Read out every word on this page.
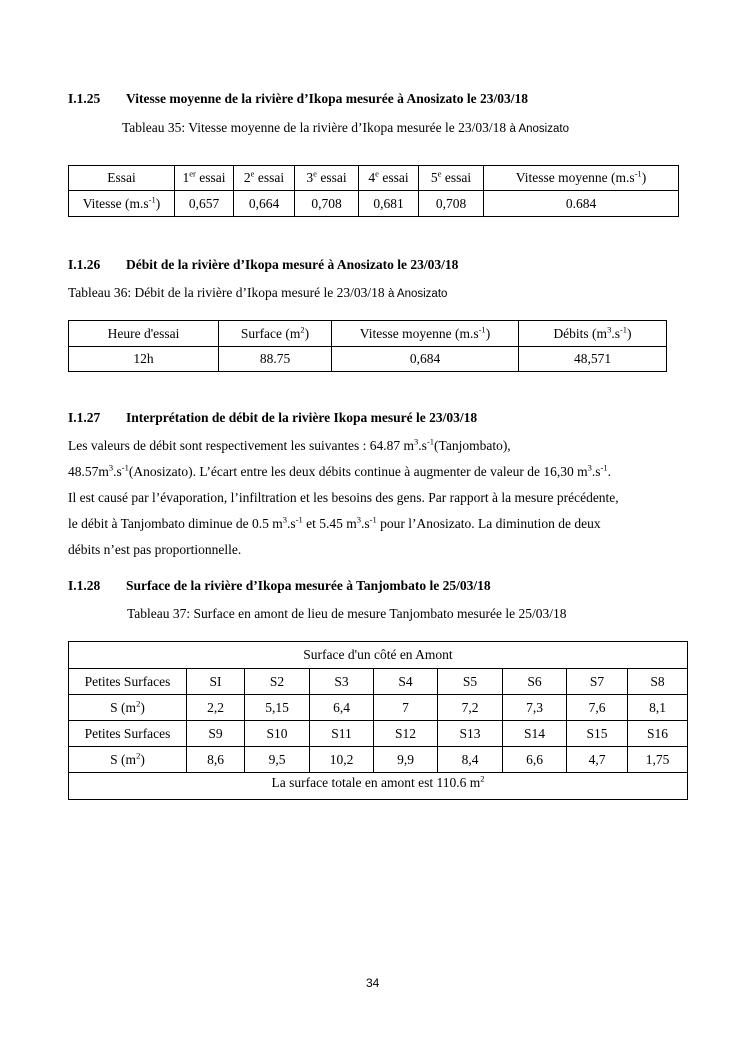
I.1.25 Vitesse moyenne de la rivière d’Ikopa mesurée à Anosizato le 23/03/18
Tableau 35: Vitesse moyenne de la rivière d’Ikopa mesurée le 23/03/18 à Anosizato
Essai	1er essai	2e essai	3e essai	4e essai	5e essai	Vitesse moyenne $(m.s^{-1})$
Vitesse $(m.s^{-1})$	0,657	0,664	0,708	0,681	0,708	0.684
I.1.26 Débit de la rivière d’Ikopa mesuré à Anosizato le 23/03/18
Tableau 36: Débit de la rivière d’Ikopa mesuré le 23/03/18 à Anosizato
Heure d'essai	Surface $(m^2)$	Vitesse moyenne $(m.s^{-1})$	Débits $(m^3.s^{-1})$
12h	88.75	0,684	48,571
I.1.27 Interprétation de débit de la rivière Ikopa mesuré le 23/03/18
Les valeurs de débit sont respectivement les suivantes : 64.87 $m^3.s^{-1}(Tanjombato)$,
$48.57m^3.s^{-1}(Anosizato)$. L’écart entre les deux débits continue à augmenter de valeur de 16,30 $m^3.s^{-1}$.
Il est causé par l’évaporation, l’infiltration et les besoins des gens. Par rapport à la mesure précédente,
le débit à Tanjombato diminue de 0.5 $m^3.s^{-1}$ et 5.45 $m^3.s^{-1}$ pour l’Anosizato. La diminution de deux
débits n’est pas proportionnelle.
I.1.28 Surface de la rivière d’Ikopa mesurée à Tanjombato le 25/03/18
Tableau 37: Surface en amont de lieu de mesure Tanjombato mesurée le 25/03/18
Surface d'un côté en Amont								
Petites Surfaces	SI	S2	S3	S4	S5	S6	S7	S8
S $(m^2)$	2,2	5,15	6,4	7	7,2	7,3	7,6	8,1
Petites Surfaces	S9	S10	S11	S12	S13	S14	S15	S16
S $(m^2)$	8,6	9,5	10,2	9,9	8,4	6,6	4,7	1,75
La surface totale en amont est 110.6 $m^2$
34
